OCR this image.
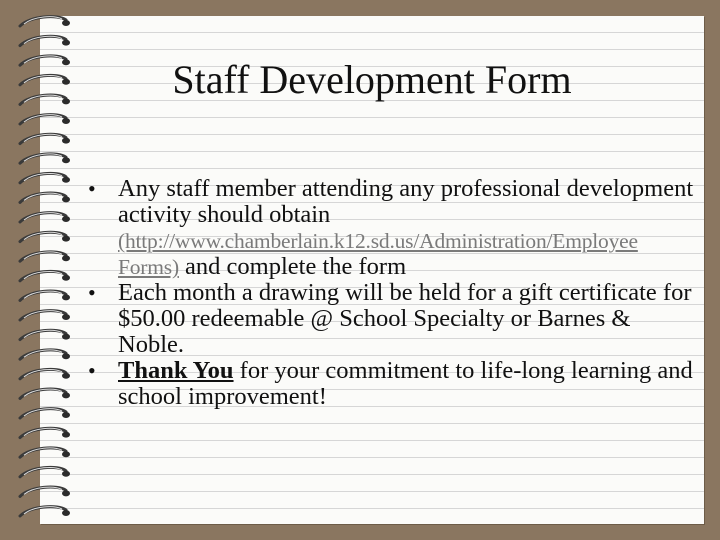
Staff Development Form
• Any staff member attending any professional development activity should obtain (http://www.chamberlain.k12.sd.us/Administration/Employee Forms) and complete the form
• Each month a drawing will be held for a gift certificate for $50.00 redeemable @ School Specialty or Barnes & Noble.
• Thank You for your commitment to life-long learning and school improvement!
